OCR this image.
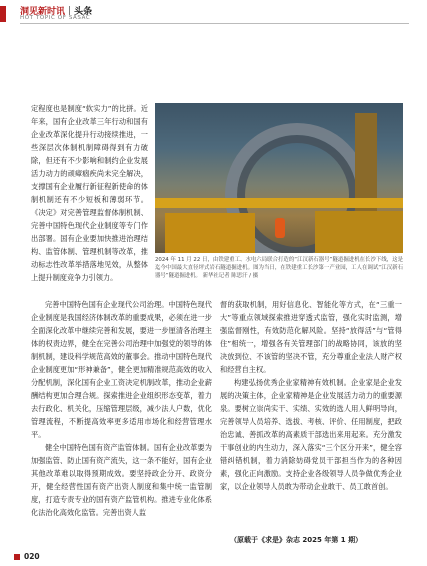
洞见新时讯 | 头条
HOT TOPIC OF SASAC

定程度也是制度“软实力”的比拼。近年来，国有企业改革三年行动和国有企业改革深化提升行动接续推进，一些深层次体制机制障碍得到有力破除，但还有不少影响和制约企业发展活力动力的顽瘴痼疾尚未完全解决，支撑国有企业履行新征程新使命的体制机制还有不少短板和薄弱环节。《决定》对完善管理监督体制机制、完善中国特色现代企业制度等专门作出部署。国有企业要加快推进治理结构、监管体制、管理机制等改革，推动标志性改革举措落地见效，从整体上提升制度竞争力引领力。

2024 年 11 月 22 日，由铁建重工、水电六局联合打造的“江汉新石器号”隧道掘进机在长沙下线，这是迄今中国最大直径坪式岩石隧道掘进机。图为当日，在铁建重工长沙第一产业园，工人在调试“江汉新石器号”隧道掘进机。 新华社记者 陈思汗 / 摄

完善中国特色国有企业现代公司治理。中国特色现代企业制度是我国经济体制改革的重要成果，必须在进一步全面深化改革中继续完善和发展，要进一步厘清各治理主体的权责边界，健全在完善公司治理中加强党的领导的体制机制，建设科学规范高效的董事会。推动中国特色现代企业制度更加“形神兼备”，健全更加精准规范高效的收入分配机制，深化国有企业工资决定机制改革，推动企业薪酬结构更加合理合规。探索推进企业组织形态变革，着力去行政化、机关化，压缩管理层级，减少法人户数，优化管理流程，不断提高效率更多适用市场化和经营管理水平。

健全中国特色国有资产监管体制。国有企业改革要为加强监管、防止国有资产流失，这一条不能好，国有企业其他改革难以取得预期成效。要坚持政企分开、政资分开，健全经营性国有资产出资人制度和集中统一监管制度，打造专责专业的国有资产监管机构。推进专业化体系化法治化高效化监管。完善出资人监

督的获取机制，用好信息化、智能化等方式，在“三重一大”等重点领域探索推进穿透式监管，强化实时监测，增强监督刚性，有效防范化解风险。坚持“放得活”与“管得住”相统一，增强各有关管理部门的战略协同，该放的坚决放到位、不该管的坚决不管，充分尊重企业法人财产权和经营自主权。

构建弘扬优秀企业家精神有效机制。企业家是企业发展的决策主体，企业家精神是企业发展活力动力的重要源泉。要树立崇尚实干、实绩、实效的选人用人鲜明导向，完善领导人员培养、选拔、考核、评价、任用制度，把政治忠诚、善抓改革的高素质干部选出来用起来。充分激发干事创业的内生动力，深入落实“三个区分开来”，健全容错纠错机制，着力消除妨碍党员干部担当作为的各种因素，强化正向激励。支持企业各级领导人员争做优秀企业家，以企业领导人员敢为带动企业敢干、员工敢首创。

（原载于《求是》杂志 2025 年第 1 期）
020
